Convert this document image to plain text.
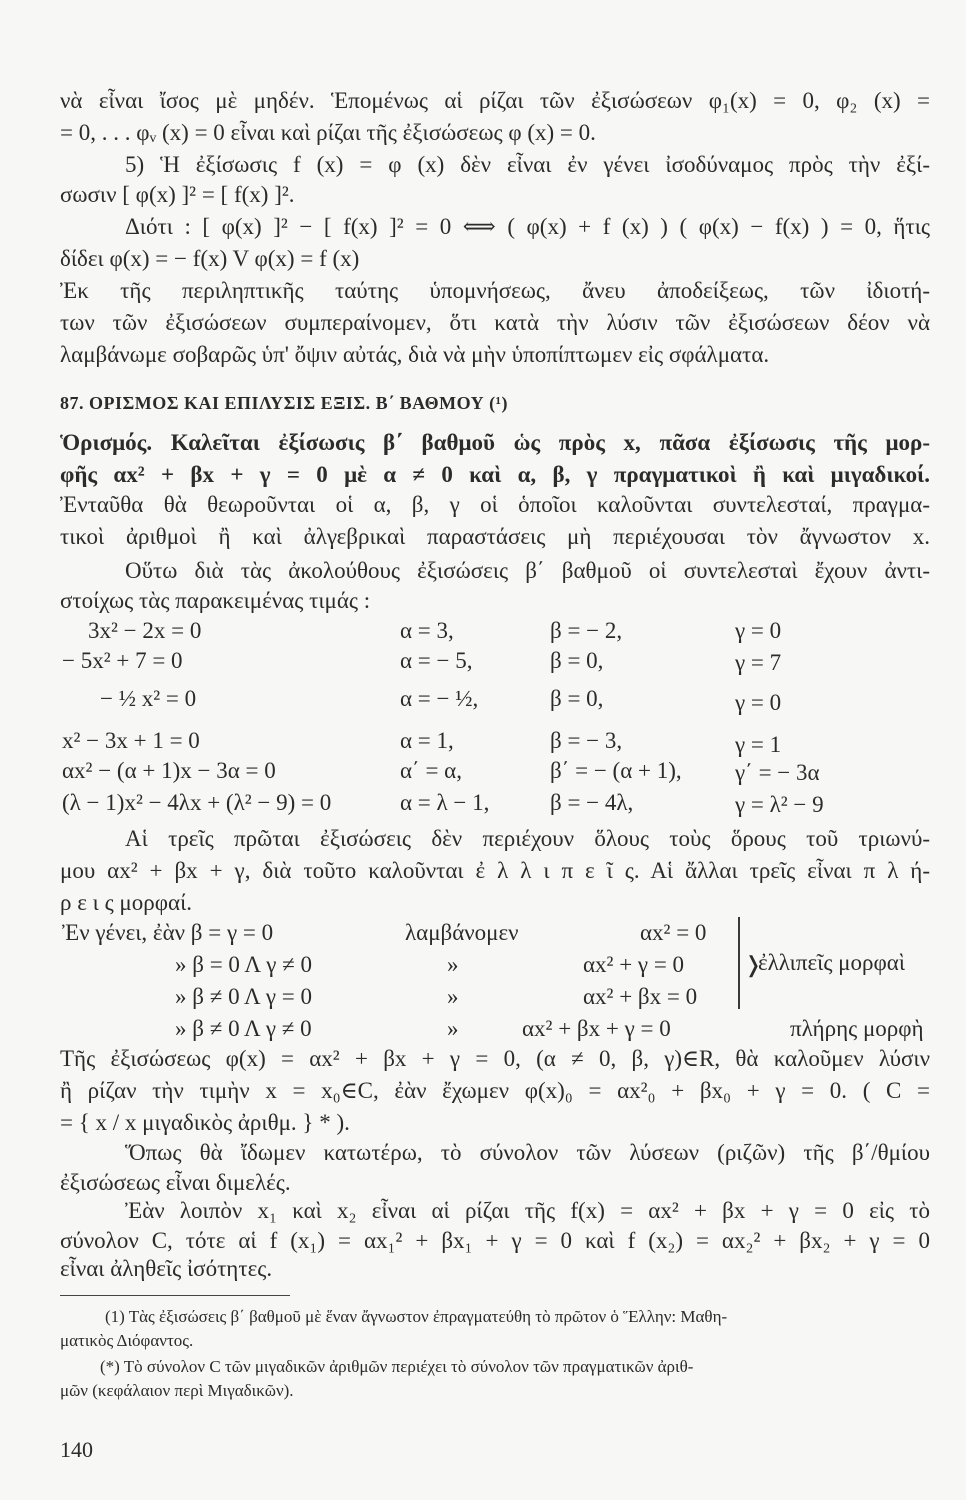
νὰ εἶναι ἴσος μὲ μηδέν. Ἑπομένως αἱ ρίζαι τῶν ἐξισώσεων φ₁(x) = 0, φ₂ (x) =
= 0, . . . φᵥ (x) = 0 εἶναι καὶ ρίζαι τῆς ἐξισώσεως φ (x) = 0.
5) Ἡ ἐξίσωσις f (x) = φ (x) δὲν εἶναι ἐν γένει ἰσοδύναμος πρὸς τὴν ἐξί-
σωσιν [ φ(x) ]² = [ f(x) ]².
Διότι : [ φ(x) ]² − [ f(x) ]² = 0 ⟺ ( φ(x) + f (x) ) ( φ(x) − f(x) ) = 0, ἥτις
δίδει φ(x) = − f(x) V φ(x) = f (x)
Ἐκ τῆς περιληπτικῆς ταύτης ὑπομνήσεως, ἄνευ ἀποδείξεως, τῶν ἰδιοτή-
των τῶν ἐξισώσεων συμπεραίνομεν, ὅτι κατὰ τὴν λύσιν τῶν ἐξισώσεων δέον νὰ
λαμβάνωμε σοβαρῶς ὑπ' ὄψιν αὐτάς, διὰ νὰ μὴν ὑποπίπτωμεν εἰς σφάλματα.
87. ΟΡΙΣΜΟΣ ΚΑΙ ΕΠΙΛΥΣΙΣ ΕΞΙΣ. Β΄ ΒΑΘΜΟΥ (¹)
Ὁρισμός. Καλεῖται ἐξίσωσις β΄ βαθμοῦ ὡς πρὸς x, πᾶσα ἐξίσωσις τῆς μορ-
φῆς αx² + βx + γ = 0 μὲ α ≠ 0 καὶ α, β, γ πραγματικοὶ ἢ καὶ μιγαδικοί.
Ἐνταῦθα θὰ θεωροῦνται οἱ α, β, γ οἱ ὁποῖοι καλοῦνται συντελεσταί, πραγμα-
τικοὶ ἀριθμοὶ ἢ καὶ ἀλγεβρικαὶ παραστάσεις μὴ περιέχουσαι τὸν ἄγνωστον x.
Οὕτω διὰ τὰς ἀκολούθους ἐξισώσεις β΄ βαθμοῦ οἱ συντελεσταὶ ἔχουν ἀντι-
στοίχως τὰς παρακειμένας τιμάς :
3x² − 2x = 0	α = 3,	β = − 2,	γ = 0
− 5x² + 7 = 0	α = − 5,	β = 0,	γ = 7
− ½ x² = 0	α = − ½,	β = 0,	γ = 0
x² − 3x + 1 = 0	α = 1,	β = − 3,	γ = 1
αx² − (α + 1)x − 3α = 0	α΄ = α,	β΄ = − (α + 1), γ΄ = − 3α
(λ − 1)x² − 4λx + (λ² − 9) = 0	α = λ − 1,	β = − 4λ,	γ = λ² − 9
Αἱ τρεῖς πρῶται ἐξισώσεις δὲν περιέχουν ὅλους τοὺς ὅρους τοῦ τριωνύ-
μου αx² + βx + γ, διὰ τοῦτο καλοῦνται ἐ λ λ ι π ε ῖ ς. Αἱ ἄλλαι τρεῖς εἶναι π λ ή-
ρ ε ι ς μορφαί.
Ἐν γένει, ἐὰν β = γ = 0	λαμβάνομεν	αx² = 0
» β = 0 Λ γ ≠ 0	»	αx² + γ = 0
» β ≠ 0 Λ γ = 0	»	αx² + βx = 0
❭
ἐλλιπεῖς μορφαὶ
» β ≠ 0 Λ γ ≠ 0	»	αx² + βx + γ = 0	πλήρης μορφὴ
Τῆς ἐξισώσεως φ(x) = αx² + βx + γ = 0, (α ≠ 0, β, γ)∈R, θὰ καλοῦμεν λύσιν
ἢ ρίζαν τὴν τιμὴν x = x₀∈C, ἐὰν ἔχωμεν φ(x)₀ = αx²₀ + βx₀ + γ = 0. ( C =
= { x / x μιγαδικὸς ἀριθμ. } * ).
Ὅπως θὰ ἴδωμεν κατωτέρω, τὸ σύνολον τῶν λύσεων (ριζῶν) τῆς β΄/θμίου
ἐξισώσεως εἶναι διμελές.
Ἐὰν λοιπὸν x₁ καὶ x₂ εἶναι αἱ ρίζαι τῆς f(x) = αx² + βx + γ = 0 εἰς τὸ
σύνολον C, τότε αἱ f (x₁) = αx₁² + βx₁ + γ = 0 καὶ f (x₂) = αx₂² + βx₂ + γ = 0
εἶναι ἀληθεῖς ἰσότητες.
(1) Τὰς ἐξισώσεις β΄ βαθμοῦ μὲ ἕναν ἄγνωστον ἐπραγματεύθη τὸ πρῶτον ὁ Ἕλλην: Μαθη-
ματικὸς Διόφαντος.
(*) Τὸ σύνολον C τῶν μιγαδικῶν ἀριθμῶν περιέχει τὸ σύνολον τῶν πραγματικῶν ἀριθ-
μῶν (κεφάλαιον περὶ Μιγαδικῶν).
140
